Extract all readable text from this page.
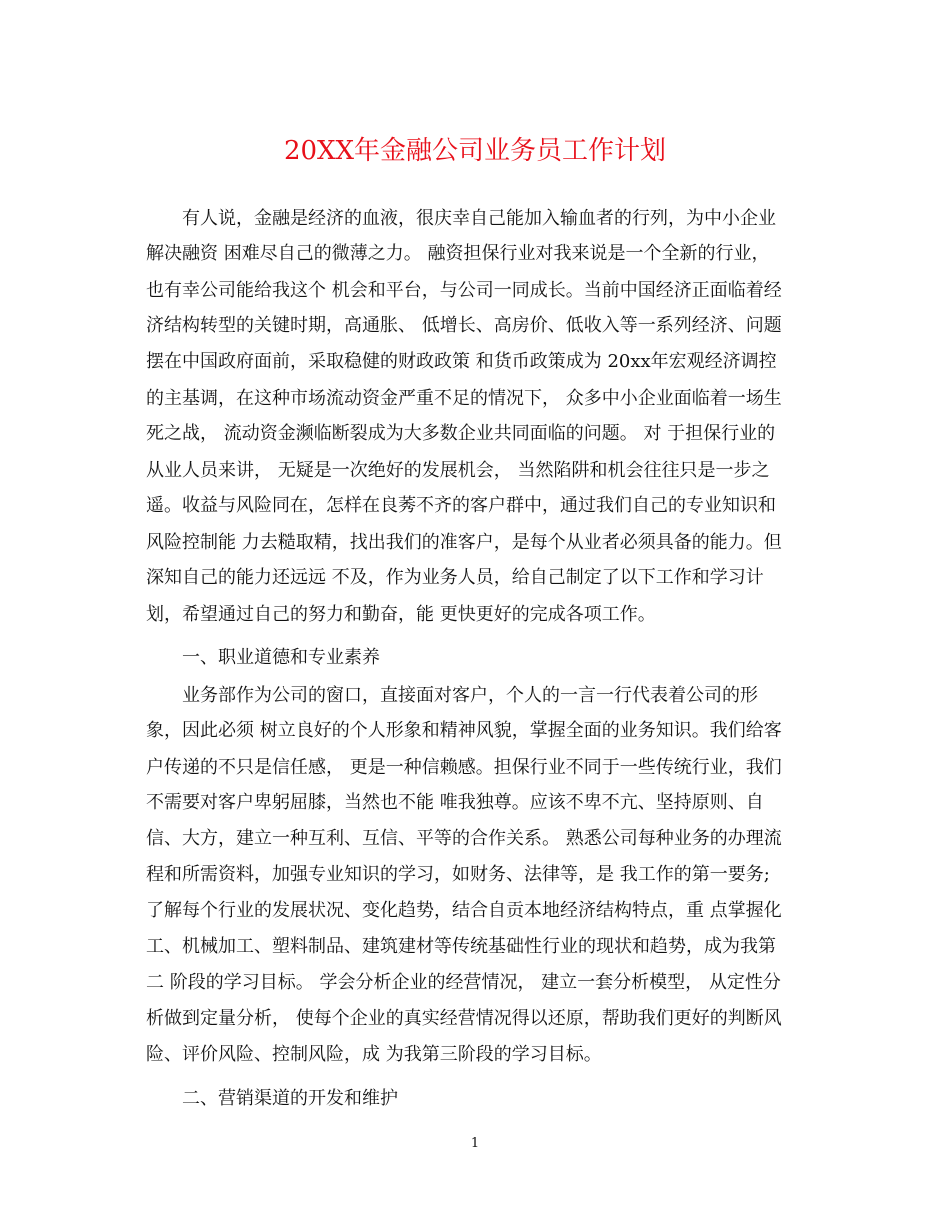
20XX年金融公司业务员工作计划

有人说，金融是经济的血液，很庆幸自己能加入输血者的行列，为中小企业

解决融资 困难尽自己的微薄之力。 融资担保行业对我来说是一个全新的行业，

也有幸公司能给我这个 机会和平台，与公司一同成长。当前中国经济正面临着经

济结构转型的关键时期，高通胀、 低增长、高房价、低收入等一系列经济、问题

摆在中国政府面前，采取稳健的财政政策 和货币政策成为 20xx年宏观经济调控

的主基调，在这种市场流动资金严重不足的情况下， 众多中小企业面临着一场生

死之战， 流动资金濒临断裂成为大多数企业共同面临的问题。 对 于担保行业的

从业人员来讲， 无疑是一次绝好的发展机会， 当然陷阱和机会往往只是一步之

遥。收益与风险同在，怎样在良莠不齐的客户群中，通过我们自己的专业知识和

风险控制能 力去糙取精，找出我们的准客户，是每个从业者必须具备的能力。但

深知自己的能力还远远 不及，作为业务人员，给自己制定了以下工作和学习计

划，希望通过自己的努力和勤奋，能 更快更好的完成各项工作。

一、职业道德和专业素养

业务部作为公司的窗口，直接面对客户，个人的一言一行代表着公司的形

象，因此必须 树立良好的个人形象和精神风貌，掌握全面的业务知识。我们给客

户传递的不只是信任感， 更是一种信赖感。担保行业不同于一些传统行业，我们

不需要对客户卑躬屈膝，当然也不能 唯我独尊。应该不卑不亢、坚持原则、自

信、大方，建立一种互利、互信、平等的合作关系。 熟悉公司每种业务的办理流

程和所需资料，加强专业知识的学习，如财务、法律等，是 我工作的第一要务;

了解每个行业的发展状况、变化趋势，结合自贡本地经济结构特点，重 点掌握化

工、机械加工、塑料制品、建筑建材等传统基础性行业的现状和趋势，成为我第

二 阶段的学习目标。 学会分析企业的经营情况， 建立一套分析模型， 从定性分

析做到定量分析， 使每个企业的真实经营情况得以还原，帮助我们更好的判断风

险、评价风险、控制风险，成 为我第三阶段的学习目标。

二、营销渠道的开发和维护

1
